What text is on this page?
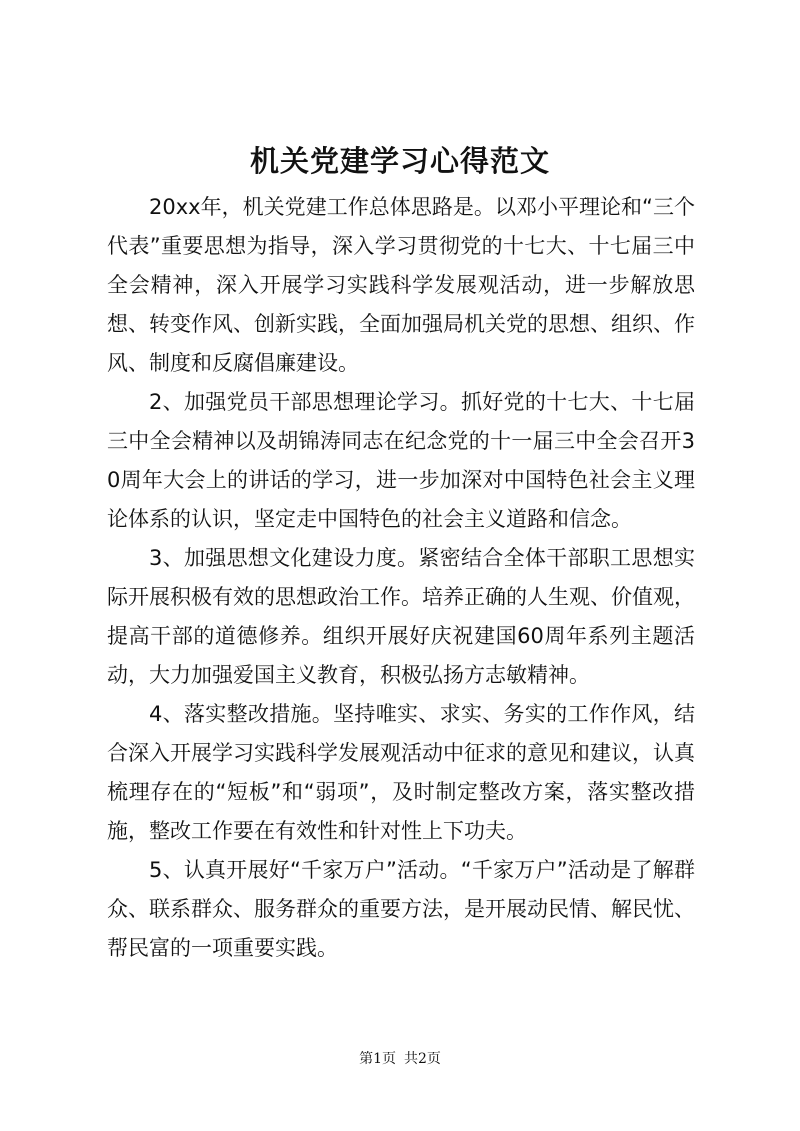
机关党建学习心得范文

20xx年，机关党建工作总体思路是。以邓小平理论和“三个代表”重要思想为指导，深入学习贯彻党的十七大、十七届三中全会精神，深入开展学习实践科学发展观活动，进一步解放思想、转变作风、创新实践，全面加强局机关党的思想、组织、作风、制度和反腐倡廉建设。

2、加强党员干部思想理论学习。抓好党的十七大、十七届三中全会精神以及胡锦涛同志在纪念党的十一届三中全会召开30周年大会上的讲话的学习，进一步加深对中国特色社会主义理论体系的认识，坚定走中国特色的社会主义道路和信念。

3、加强思想文化建设力度。紧密结合全体干部职工思想实际开展积极有效的思想政治工作。培养正确的人生观、价值观，提高干部的道德修养。组织开展好庆祝建国60周年系列主题活动，大力加强爱国主义教育，积极弘扬方志敏精神。

4、落实整改措施。坚持唯实、求实、务实的工作作风，结合深入开展学习实践科学发展观活动中征求的意见和建议，认真梳理存在的“短板”和“弱项”，及时制定整改方案，落实整改措施，整改工作要在有效性和针对性上下功夫。

5、认真开展好“千家万户”活动。“千家万户”活动是了解群众、联系群众、服务群众的重要方法，是开展动民情、解民忧、帮民富的一项重要实践。

第1页 共2页
